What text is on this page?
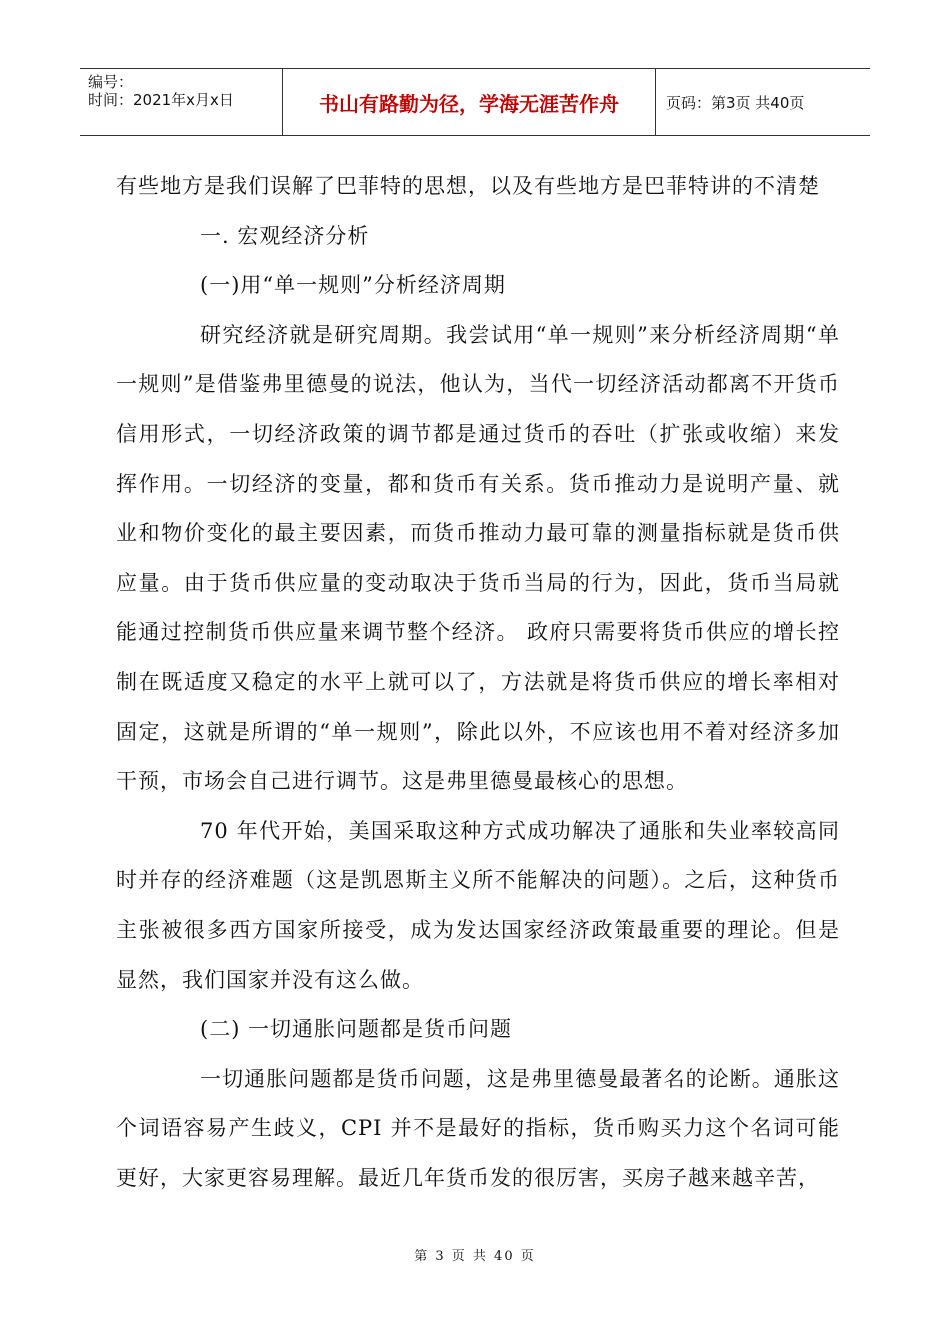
编号：
时间：2021年x月x日	书山有路勤为径，学海无涯苦作舟	页码：第3页 共40页

有些地方是我们误解了巴菲特的思想，以及有些地方是巴菲特讲的不清楚

一. 宏观经济分析

(一)用“单一规则”分析经济周期

研究经济就是研究周期。我尝试用“单一规则”来分析经济周期“单一规则”是借鉴弗里德曼的说法，他认为，当代一切经济活动都离不开货币信用形式，一切经济政策的调节都是通过货币的吞吐（扩张或收缩）来发挥作用。一切经济的变量，都和货币有关系。货币推动力是说明产量、就业和物价变化的最主要因素，而货币推动力最可靠的测量指标就是货币供应量。由于货币供应量的变动取决于货币当局的行为，因此，货币当局就能通过控制货币供应量来调节整个经济。 政府只需要将货币供应的增长控制在既适度又稳定的水平上就可以了，方法就是将货币供应的增长率相对固定，这就是所谓的“单一规则”，除此以外，不应该也用不着对经济多加干预，市场会自己进行调节。这是弗里德曼最核心的思想。

70 年代开始，美国采取这种方式成功解决了通胀和失业率较高同时并存的经济难题（这是凯恩斯主义所不能解决的问题）。之后，这种货币主张被很多西方国家所接受，成为发达国家经济政策最重要的理论。但是显然，我们国家并没有这么做。

(二) 一切通胀问题都是货币问题

一切通胀问题都是货币问题，这是弗里德曼最著名的论断。通胀这个词语容易产生歧义，CPI 并不是最好的指标，货币购买力这个名词可能更好，大家更容易理解。最近几年货币发的很厉害，买房子越来越辛苦，

第 3 页 共 40 页
